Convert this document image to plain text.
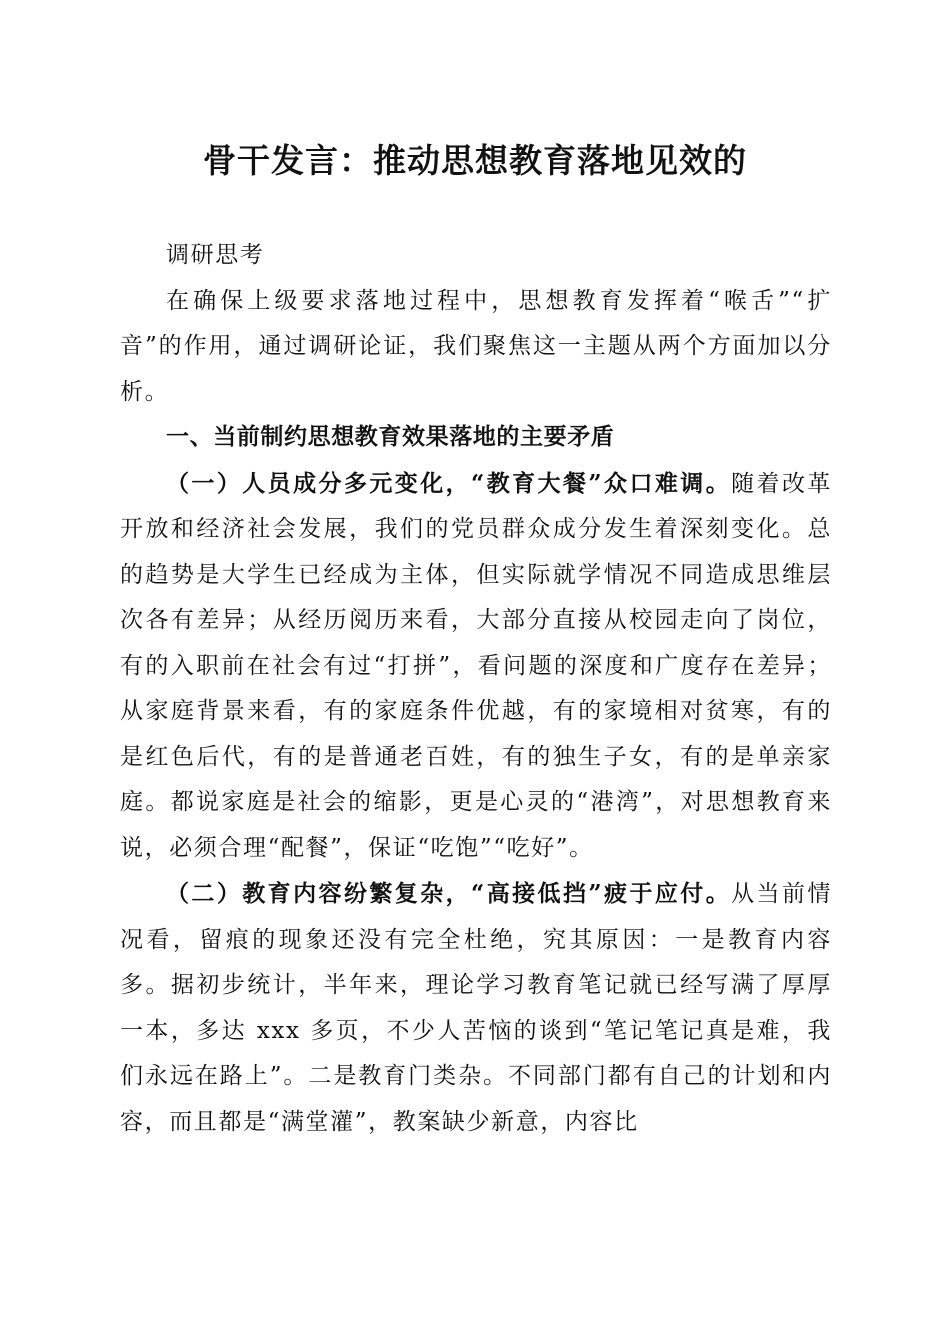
骨干发言：推动思想教育落地见效的

调研思考

在确保上级要求落地过程中，思想教育发挥着“喉舌”“扩音”的作用，通过调研论证，我们聚焦这一主题从两个方面加以分析。

一、当前制约思想教育效果落地的主要矛盾

（一）人员成分多元变化，“教育大餐”众口难调。随着改革开放和经济社会发展，我们的党员群众成分发生着深刻变化。总的趋势是大学生已经成为主体，但实际就学情况不同造成思维层次各有差异；从经历阅历来看，大部分直接从校园走向了岗位，有的入职前在社会有过“打拼”，看问题的深度和广度存在差异；从家庭背景来看，有的家庭条件优越，有的家境相对贫寒，有的是红色后代，有的是普通老百姓，有的独生子女，有的是单亲家庭。都说家庭是社会的缩影，更是心灵的“港湾”，对思想教育来说，必须合理“配餐”，保证“吃饱”“吃好”。

（二）教育内容纷繁复杂，“高接低挡”疲于应付。从当前情况看，留痕的现象还没有完全杜绝，究其原因：一是教育内容多。据初步统计，半年来，理论学习教育笔记就已经写满了厚厚一本，多达 xxx 多页，不少人苦恼的谈到“笔记笔记真是难，我们永远在路上”。二是教育门类杂。不同部门都有自己的计划和内容，而且都是“满堂灌”，教案缺少新意，内容比
